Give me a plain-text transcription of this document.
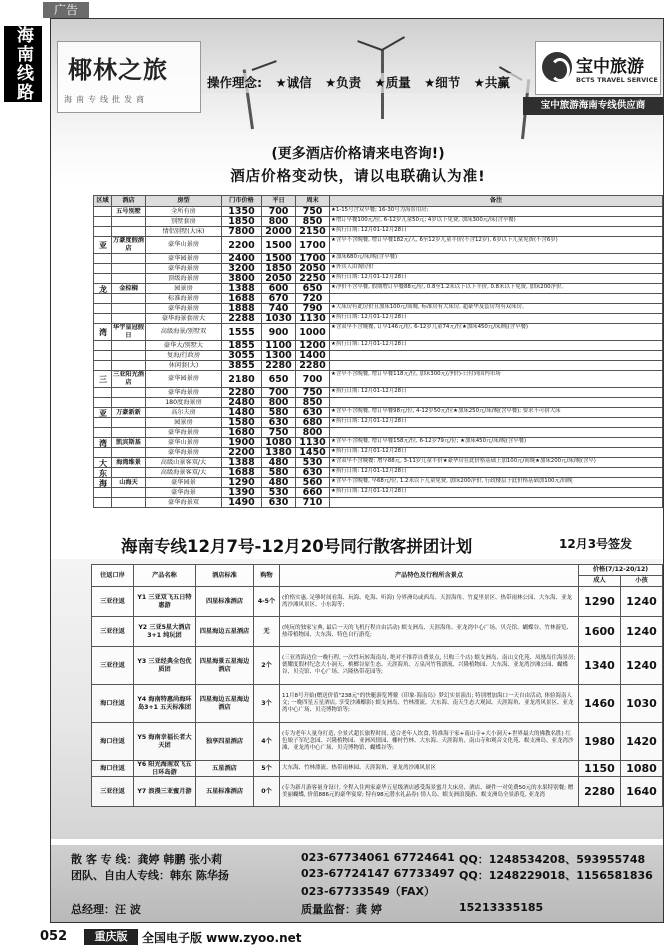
广告
海南线路	椰林之旅
海南专线批发商
操作理念: ★诚信 ★负责 ★质量 ★细节 ★共赢
宝中旅游
BCTS TRAVEL SERVICE
宝中旅游海南专线供应商
(更多酒店价格请来电咨询!)
酒店价格变动快，请以电联确认为准!
区域	酒店	房型	门市价格	平日	周末	备注
	五号别墅	全所有房	1350	700	750	★1-15号含双早餐; 16-30号为海景用房;
		别墅套房	1850	800	850	★增订早餐100元/位, 6-12岁儿童50元; 4岁以下免费, 加床300元/床(含早餐)
		情侣别墅(大床)	7800	2000	2150	★执行日期: 12月01-12月28日
亚	万豪度假酒店	豪华山景房	2200	1500	1700	★含早不含晚餐, 增订早餐182元/人, 6至12岁儿童半价(不含12岁), 6岁以下儿童免费(不含6岁)
		豪华园景房	2400	1500	1700	★加床680元/床/晚(含早餐)
		豪华海景房	3200	1850	2050	★外宾人由淘房价
		顶级海景房	3800	2050	2250	★执行日期: 12月01-12月28日
龙	金棕榈	园景房	1388	600	650	★净价不含早餐, 假期增订早餐88元/位, 0.8至1.2米以下以下半价, 0.8米以下免费, 加床200净价。
		标准海景房	1688	670	720	
		豪华海景房	1888	740	790	★大床房有此房价且加床100元/间晚, 标准房有大床房, 超豪华及套房均有双床房。
		豪华海景套房大	2288	1030	1130	★执行日期: 12月01-12月28日
湾	华宇皇冠假日	高级海景/别墅双	1555	900	1000	★含双早不含晚餐, 订早146元/位, 6-12岁儿童74元/位★加床450元/床/晚(含早餐)
		豪华大/别墅大	1855	1100	1200	★执行日期: 12月01-12月28日
		复海/行政房	3055	1300	1400	
		休闲套(大)	3855	2280	2280	
三	三亚阳光酒店	豪华园景房	2180	650	700	★含早不含晚餐, 增订早餐118元/位, 加床300元(净价)-只付到国内市场
		豪华海景房	2280	700	750	★执行日期: 12月01-12月28日
		180度海景房	2480	800	850	
亚	万豪新新	高尔夫房	1480	580	630	★含早不含晚餐, 增订早餐98元/位, 4-12岁50元/位★加床250元/床/晚(含早餐); 要求不可拼大床
		园景房	1580	630	680	★执行日期: 12月01-12月28日
		豪华海景房	1680	750	800	
湾	凯宾斯基	豪华山景房	1900	1080	1130	★含早不含晚餐, 增订早餐158元/位, 6-12岁79元/位; ★加床450元/床/晚(含早餐)
		豪华海景房	2200	1380	1450	★执行日期: 12月01-12月28日
大	海湾维景	高级山景客双/大	1388	480	530	★含双早不含晚餐: 增早88元, 3-11岁儿童半价★豪华房在此价格基础上加100元/间晚★加床200元/床/晚(含早)
东		高级海景客双/大	1688	580	630	★执行日期: 12月01-12月28日
海	山海天	豪华园景	1290	480	560	★含早不含晚餐, 早68元/位, 1.2米以下儿童免费, 加床200净价, 行政楼层于此价格基础加100元/间晚
		豪华海景	1390	530	660	★执行日期: 12月01-12月28日
		豪华海景双	1490	630	710	
海南专线12月7号-12月20号同行散客拼团计划	12月3号签发
往返口岸	产品名称	酒店标准	购物	产品特色及行程所含景点	价格(7/12-20/12)	
					成人	小孩
三亚往返	Y1 三亚双飞五日特惠游	四星标准酒店	4-5个	(价格实惠, 足够时间看海、玩海、吃海、听海) 分界洲岛或西岛、天涯海角、竹夏里景区、热带雨林公园、大东海、亚龙湾沙滩风景区、小东海等;	1290	1240
三亚往返	Y2 三亚5星大酒店3+1 纯玩团	四星海边五星酒店	无	(纯玩的独家宝典, 最后一天的飞机行程自由活动) 蜈支洲岛、天涯海角、亚龙湾中心广场、贝壳馆、蝴蝶谷、竹林游览、热带植物园、大东海、特色自行游览;	1600	1240
三亚往返	Y3 三亚经典全包优质团	四星海景五星海边酒店	2个	(三亚湾海边住一晚行程, 一次性玩转海南岛, 绝对不推荐自费景点, 只购三个店) 蜈支洲岛、南山文化苑、凤凰岛住海景房; 德耀度假村纪念大小洞天、槟榔谷原生态、天涯海角、万泉河竹筏漂流、兴隆植物园、大东海、亚龙湾沙滩公园、蝴蝶谷、贝壳馆、中心广场、兴隆热带花园等;	1340	1240
海口往返	Y4 海南特惠尚海环岛3+1 五天标准团	四星海边五星海边酒店	3个	11月8号开始(赠送价值"238元"的快艇游览博鳌《印象·海南岛》梦幻实景演出; 特别增加海口一天自由活动, 体验海南人文; 一晚四星五星酒店, 享受沙滩椰影) 蜈支洲岛、竹林漂流、大东海、南天生态大观园、天涯海角、亚龙湾风景区、亚龙湾中心广场、贝壳博物馆等;	1460	1030
海口往返	Y5 海南幸福长者大天团	独享四星酒店	4个	(专为老年人量身打造, 全景式超长旅程时间, 适合老年人饮食, 特准海于家+南山寺+大小洞天+世界最大的佛教名胜) 红色娘子军纪念园、兴隆植物园、亚洲风情园、椰村竹林、大东海、天涯海角、南山寺和观音文化苑、蜈支洲岛、亚龙湾沙滩、亚龙湾中心广场、贝壳博物馆、蝴蝶谷等;	1980	1420
海口往返	Y6 阳光海南双飞五日环岛游	五星酒店	5个	大东海、竹林漂流、热带雨林园、天涯海角、亚龙湾沙滩风景区	1150	1080
三亚往返	Y7 浪漫三亚蜜月游	五星标准酒店	0个	(专为新月游客量身设计, 全程入住两家豪华五星级酒店感受海景蜜月大床房、酒店、硬件一对免费50元的水果特别餐; 赠美丽蝴蝶, 价值886元的豪华宴席; 特有98元潜水礼品券) 情人岛、蜈支洲浪漫游、蜈支洲岛全景游览, 亚龙湾	2280	1640
散 客 专 线：龚婷 韩鹏 张小莉	023-67734061 67724641 QQ：1248534208、593955748
团队、自由人专线：韩东 陈华扬	023-67724147 67733497 QQ：1248229018、1156581836
023-67733549（FAX）
总经理：汪 波	质量监督：龚 婷	15213335185
052	重庆版	全国电子版 www.zyoo.net
